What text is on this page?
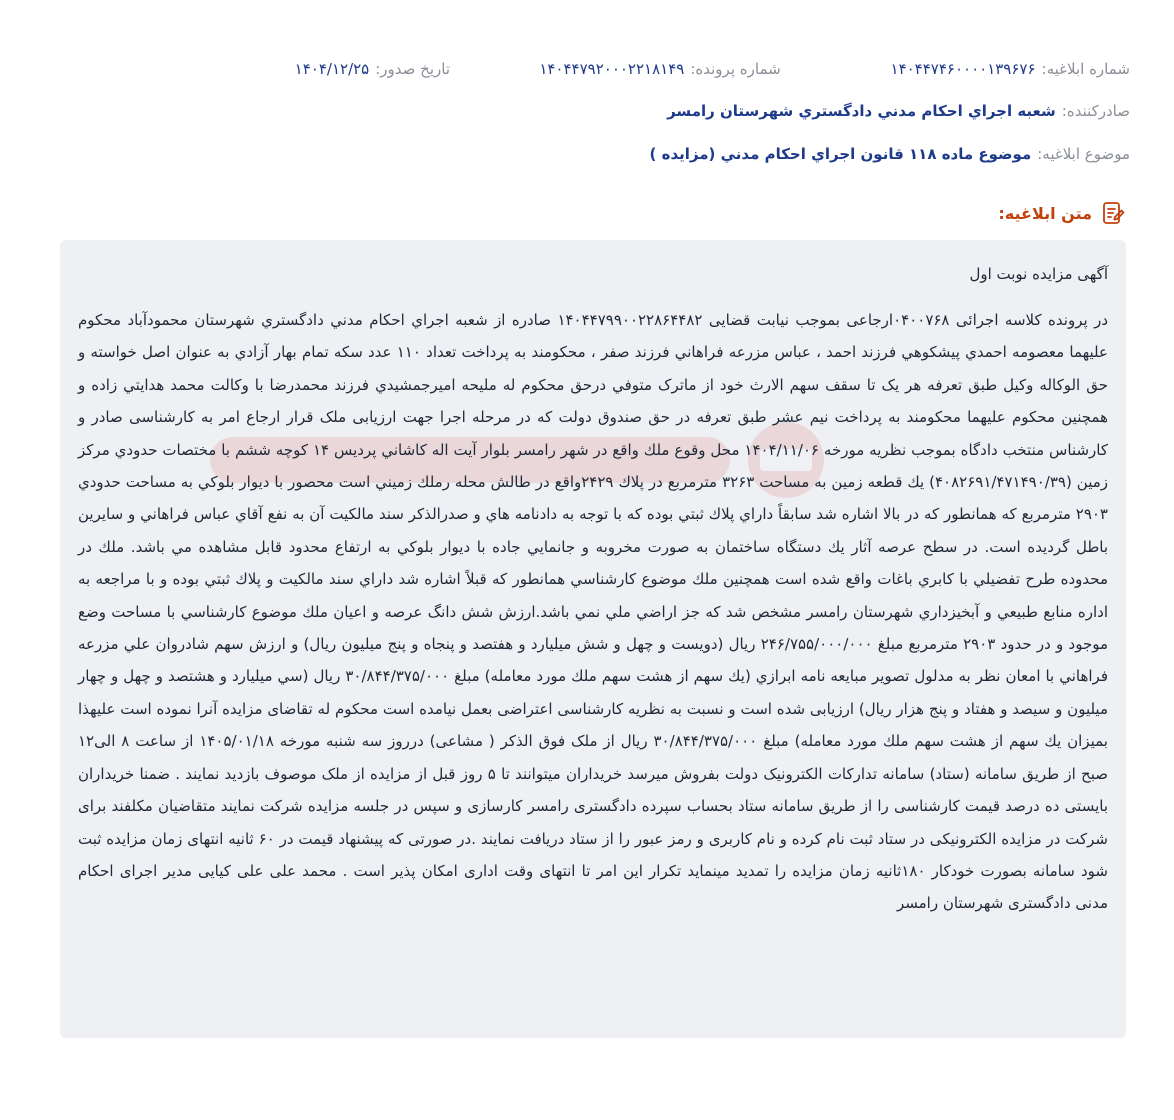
شماره ابلاغیه:
۱۴۰۴۴۷۴۶۰۰۰۰۱۳۹۶۷۶
شماره پرونده:
۱۴۰۴۴۷۹۲۰۰۰۲۲۱۸۱۴۹
تاریخ صدور:
۱۴۰۴/۱۲/۲۵
صادرکننده:
شعبه اجراي احكام مدني دادگستري شهرستان رامسر
موضوع ابلاغیه:
موضوع ماده ۱۱۸ قانون اجراي احكام مدني (مزايده )
متن ابلاغیه:

آگهی مزایده نوبت اول

در پرونده کلاسه اجرائی ۰۴۰۰۷۶۸ارجاعی بموجب نیابت قضایی ۱۴۰۴۴۷۹۹۰۰۲۲۸۶۴۴۸۲ صادره از شعبه اجراي احكام مدني دادگستري شهرستان محمودآباد محکوم علیهما معصومه احمدي پيشكوهي فرزند احمد ، عباس مزرعه فراهاني فرزند صفر ، محکومند به پرداخت تعداد ۱۱۰ عدد سکه تمام بهار آزادي به عنوان اصل خواسته و حق الوكاله وكيل طبق تعرفه هر يک تا سقف سهم الارث خود از ماترک متوفي درحق محکوم له مليحه اميرجمشيدي فرزند محمدرضا با وكالت محمد هدايتي زاده و همچنین محکوم علیهما محکومند به پرداخت نیم عشر طبق تعرفه در حق صندوق دولت که در مرحله اجرا جهت ارزيابی ملک قرار ارجاع امر به کارشناسی صادر و کارشناس منتخب دادگاه بموجب نظريه مورخه ۱۴۰۴/۱۱/۰۶ محل وقوع ملك واقع در شهر رامسر بلوار آيت اله كاشاني پرديس ۱۴ كوچه ششم با مختصات حدودي مركز زمين (۴۰۸۲۶۹۱/۴۷۱۴۹۰/۳۹) يك قطعه زمين به مساحت ۳۲۶۳ مترمربع در پلاك ۲۴۲۹واقع در طالش محله رملك زميني است محصور با ديوار بلوكي به مساحت حدودي ۲۹۰۳ مترمربع كه همانطور كه در بالا اشاره شد سابقاً داراي پلاك ثبتي بوده كه با توجه به دادنامه هاي و صدرالذكر سند مالكيت آن به نفع آقاي عباس فراهاني و سايرين باطل گرديده است. در سطح عرصه آثار يك دستگاه ساختمان به صورت مخروبه و جانمايي جاده با ديوار بلوكي به ارتفاع محدود قابل مشاهده مي باشد. ملك در محدوده طرح تفضيلي با كابري باغات واقع شده است همچنين ملك موضوع كارشناسي همانطور كه قبلاً اشاره شد داراي سند مالكيت و پلاك ثبتي بوده و با مراجعه به اداره منابع طبيعي و آبخيزداري شهرستان رامسر مشخص شد كه جز اراضي ملي نمي باشد.ارزش شش دانگ عرصه و اعيان ملك موضوع كارشناسي با مساحت وضع موجود و در حدود ۲۹۰۳ مترمربع مبلغ ۲۴۶/۷۵۵/۰۰۰/۰۰۰ ريال (دويست و چهل و شش ميليارد و هفتصد و پنجاه و پنج ميليون ريال) و ارزش سهم شادروان علي مزرعه فراهاني با امعان نظر به مدلول تصوير مبايعه نامه ابرازي (يك سهم از هشت سهم ملك مورد معامله) مبلغ ۳۰/۸۴۴/۳۷۵/۰۰۰ ريال (سي ميليارد و هشتصد و چهل و چهار ميليون و سيصد و هفتاد و پنج هزار ريال) ارزيابی شده است و نسبت به نظريه كارشناسی اعتراضی بعمل نيامده است محکوم له تقاضای مزايده آنرا نموده است عليهذا بميزان يك سهم از هشت سهم ملك مورد معامله) مبلغ ۳۰/۸۴۴/۳۷۵/۰۰۰ ريال از ملک فوق الذکر ( مشاعی) درروز سه شنبه مورخه ۱۴۰۵/۰۱/۱۸ از ساعت ۸ الی۱۲ صبح از طريق سامانه (ستاد) سامانه تدارکات الکترونيک دولت بفروش ميرسد خريداران ميتوانند تا ۵ روز قبل از مزايده از ملک موصوف بازديد نمايند . ضمنا خريداران بايستی ده درصد قيمت كارشناسی را از طريق سامانه ستاد بحساب سپرده دادگستری رامسر كارسازی و سپس در جلسه مزايده شركت نمايند متقاضيان مكلفند برای شركت در مزايده الكترونيكی در ستاد ثبت نام كرده و نام كاربری و رمز عبور را از ستاد دريافت نمايند .در صورتی كه پيشنهاد قيمت در ۶۰ ثانيه انتهای زمان مزايده ثبت شود سامانه بصورت خودكار ۱۸۰ثانيه زمان مزايده را تمديد مينمايد تكرار اين امر تا انتهای وقت اداری امكان پذير است . محمد علی علی كيايی مدير اجرای احكام مدنی دادگستری شهرستان رامسر
